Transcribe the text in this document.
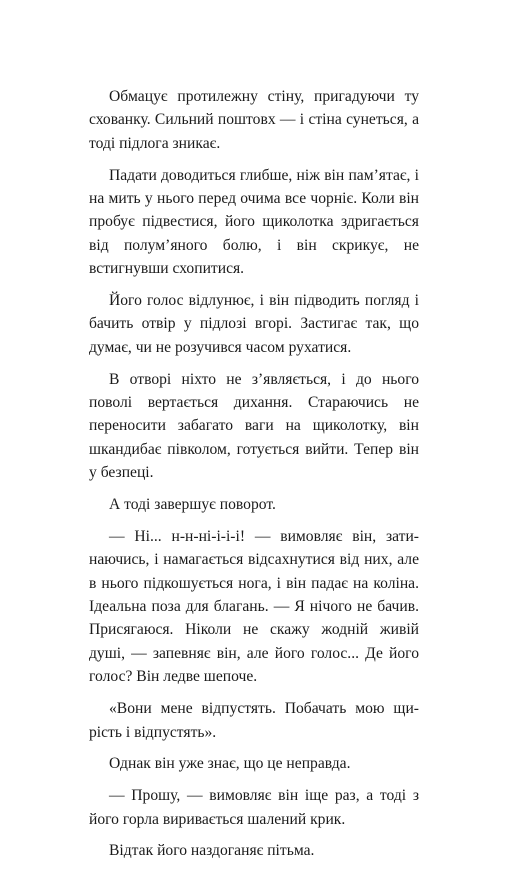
Обмацує протилежну стіну, пригадуючи ту схованку. Сильний поштовх — і стіна сунеться, а тоді підлога зникає.

Падати доводиться глибше, ніж він пам’ятає, і на мить у нього перед очима все чорніє. Коли він пробує підвестися, його щиколотка здригається від полум’яного болю, і він скрикує, не встигнувши схопитися.

Його голос відлунює, і він підводить погляд і бачить отвір у підлозі вгорі. Застигає так, що думає, чи не розучився часом рухатися.

В отворі ніхто не з’являється, і до нього поволі вертається дихання. Стараючись не переносити забагато ваги на щиколотку, він шкандибає півколом, готується вийти. Тепер він у безпеці.

А тоді завершує поворот.

— Ні... н-н-ні-і-і-і! — вимовляє він, затинаючись, і намагається відсахнутися від них, але в нього підкошується нога, і він падає на коліна. Ідеальна поза для благань. — Я нічого не бачив. Присягаюся. Ніколи не скажу жодній живій душі, — запевняє він, але його голос... Де його голос? Він ледве шепоче.

«Вони мене відпустять. Побачать мою щирість і відпустять».

Однак він уже знає, що це неправда.

— Прошу, — вимовляє він іще раз, а тоді з його горла виривається шалений крик.

Відтак його наздоганяє пітьма.
